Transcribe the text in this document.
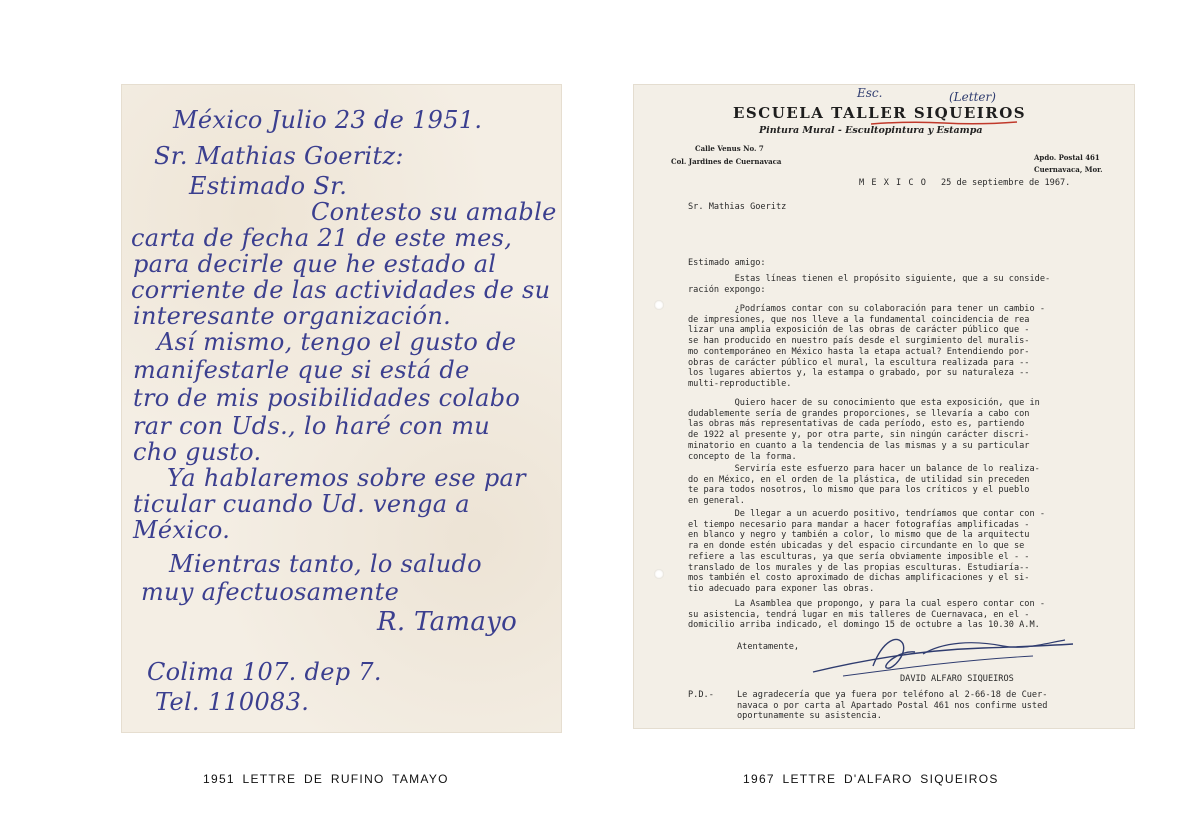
México Julio 23 de 1951.

Sr. Mathias Goeritz:

Estimado Sr.

Contesto su amable

carta de fecha 21 de este mes,

para decirle que he estado al

corriente de las actividades de su

interesante organización.

Así mismo, tengo el gusto de

manifestarle que si está de

tro de mis posibilidades colabo

rar con Uds., lo haré con mu

cho gusto.

Ya hablaremos sobre ese par

ticular cuando Ud. venga a

México.

Mientras tanto, lo saludo

muy afectuosamente

R. Tamayo

Colima 107. dep 7.

Tel. 110083.

Esc.	(Letter)
ESCUELA TALLER SIQUEIROS
Pintura Mural - Escultopintura y Estampa
Calle Venus No. 7
Col. Jardines de Cuernavaca	Apdo. Postal 461
Cuernavaca, Mor.
M E X I C O 25 de septiembre de 1967.
Sr. Mathias Goeritz
Estimado amigo:
Estas líneas tienen el propósito siguiente, que a su conside-
ración expongo:
¿Podríamos contar con su colaboración para tener un cambio -
de impresiones, que nos lleve a la fundamental coincidencia de rea
lizar una amplia exposición de las obras de carácter público que -
se han producido en nuestro país desde el surgimiento del muralis-
mo contemporáneo en México hasta la etapa actual? Entendiendo por-
obras de carácter público el mural, la escultura realizada para --
los lugares abiertos y, la estampa o grabado, por su naturaleza --
multi-reproductible.
Quiero hacer de su conocimiento que esta exposición, que in
dudablemente sería de grandes proporciones, se llevaría a cabo con
las obras más representativas de cada período, esto es, partiendo
de 1922 al presente y, por otra parte, sin ningún carácter discri-
minatorio en cuanto a la tendencia de las mismas y a su particular
concepto de la forma.
Serviría este esfuerzo para hacer un balance de lo realiza-
do en México, en el orden de la plástica, de utilidad sin preceden
te para todos nosotros, lo mismo que para los críticos y el pueblo
en general.
De llegar a un acuerdo positivo, tendríamos que contar con -
el tiempo necesario para mandar a hacer fotografías amplificadas -
en blanco y negro y también a color, lo mismo que de la arquitectu
ra en donde estén ubicadas y del espacio circundante en lo que se
refiere a las esculturas, ya que sería obviamente imposible el - -
translado de los murales y de las propias esculturas. Estudiaría--
mos también el costo aproximado de dichas amplificaciones y el si-
tio adecuado para exponer las obras.
La Asamblea que propongo, y para la cual espero contar con -
su asistencia, tendrá lugar en mis talleres de Cuernavaca, en el -
domicilio arriba indicado, el domingo 15 de octubre a las 10.30 A.M.
Atentamente,
DAVID ALFARO SIQUEIROS
P.D.-	Le agradecería que ya fuera por teléfono al 2-66-18 de Cuer-
navaca o por carta al Apartado Postal 461 nos confirme usted
oportunamente su asistencia.
1951 LETTRE DE RUFINO TAMAYO	1967 LETTRE D'ALFARO SIQUEIROS
